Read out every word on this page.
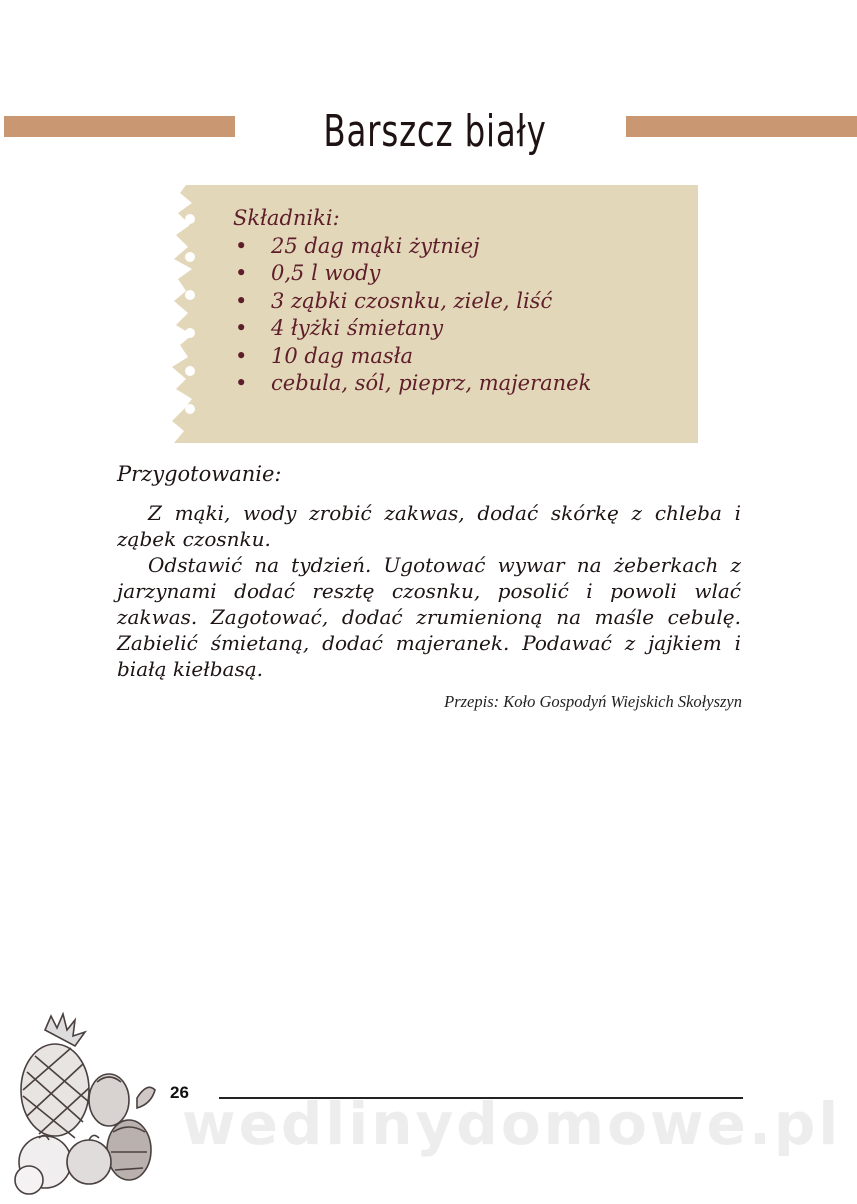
Barszcz biały

Składniki:

• 25 dag mąki żytniej
• 0,5 l wody
• 3 ząbki czosnku, ziele, liść
• 4 łyżki śmietany
• 10 dag masła
• cebula, sól, pieprz, majeranek
Przygotowanie:

Z mąki, wody zrobić zakwas, dodać skórkę z chleba i ząbek czosnku.

Odstawić na tydzień. Ugotować wywar na żeberkach z jarzynami dodać resztę czosnku, posolić i powoli wlać zakwas. Zagotować, dodać zrumienioną na maśle cebulę. Zabielić śmietaną, dodać majeranek. Podawać z jajkiem i białą kiełbasą.

Przepis: Koło Gospodyń Wiejskich Skołyszyn
wedlinydomowe.pl
26
